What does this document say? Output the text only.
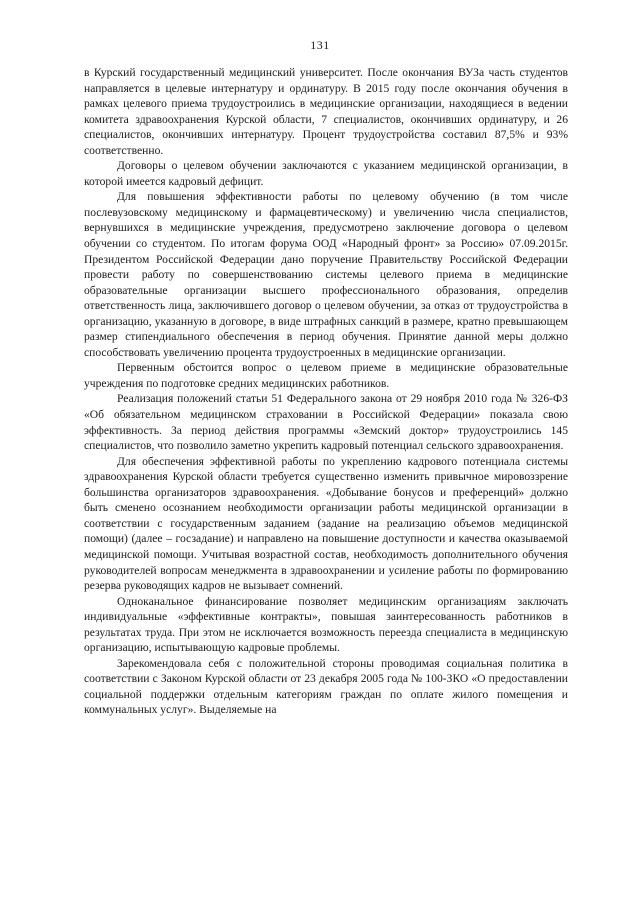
131

в Курский государственный медицинский университет. После окончания ВУЗа часть студентов направляется в целевые интернатуру и ординатуру. В 2015 году после окончания обучения в рамках целевого приема трудоустроились в медицинские организации, находящиеся в ведении комитета здравоохранения Курской области, 7 специалистов, окончивших ординатуру, и 26 специалистов, окончивших интернатуру. Процент трудоустройства составил 87,5% и 93% соответственно.

Договоры о целевом обучении заключаются с указанием медицинской организации, в которой имеется кадровый дефицит.

Для повышения эффективности работы по целевому обучению (в том числе послевузовскому медицинскому и фармацевтическому) и увеличению числа специалистов, вернувшихся в медицинские учреждения, предусмотрено заключение договора о целевом обучении со студентом. По итогам форума ООД «Народный фронт» за Россию» 07.09.2015г. Президентом Российской Федерации дано поручение Правительству Российской Федерации провести работу по совершенствованию системы целевого приема в медицинские образовательные организации высшего профессионального образования, определив ответственность лица, заключившего договор о целевом обучении, за отказ от трудоустройства в организацию, указанную в договоре, в виде штрафных санкций в размере, кратно превышающем размер стипендиального обеспечения в период обучения. Принятие данной меры должно способствовать увеличению процента трудоустроенных в медицинские организации.

Первенным обстоится вопрос о целевом приеме в медицинские образовательные учреждения по подготовке средних медицинских работников.

Реализация положений статьи 51 Федерального закона от 29 ноября 2010 года № 326-ФЗ «Об обязательном медицинском страховании в Российской Федерации» показала свою эффективность. За период действия программы «Земский доктор» трудоустроились 145 специалистов, что позволило заметно укрепить кадровый потенциал сельского здравоохранения.

Для обеспечения эффективной работы по укреплению кадрового потенциала системы здравоохранения Курской области требуется существенно изменить привычное мировоззрение большинства организаторов здравоохранения. «Добывание бонусов и преференций» должно быть сменено осознанием необходимости организации работы медицинской организации в соответствии с государственным заданием (задание на реализацию объемов медицинской помощи) (далее – госзадание) и направлено на повышение доступности и качества оказываемой медицинской помощи. Учитывая возрастной состав, необходимость дополнительного обучения руководителей вопросам менеджмента в здравоохранении и усиление работы по формированию резерва руководящих кадров не вызывает сомнений.

Одноканальное финансирование позволяет медицинским организациям заключать индивидуальные «эффективные контракты», повышая заинтересованность работников в результатах труда. При этом не исключается возможность переезда специалиста в медицинскую организацию, испытывающую кадровые проблемы.

Зарекомендовала себя с положительной стороны проводимая социальная политика в соответствии с Законом Курской области от 23 декабря 2005 года № 100-ЗКО «О предоставлении социальной поддержки отдельным категориям граждан по оплате жилого помещения и коммунальных услуг». Выделяемые на
